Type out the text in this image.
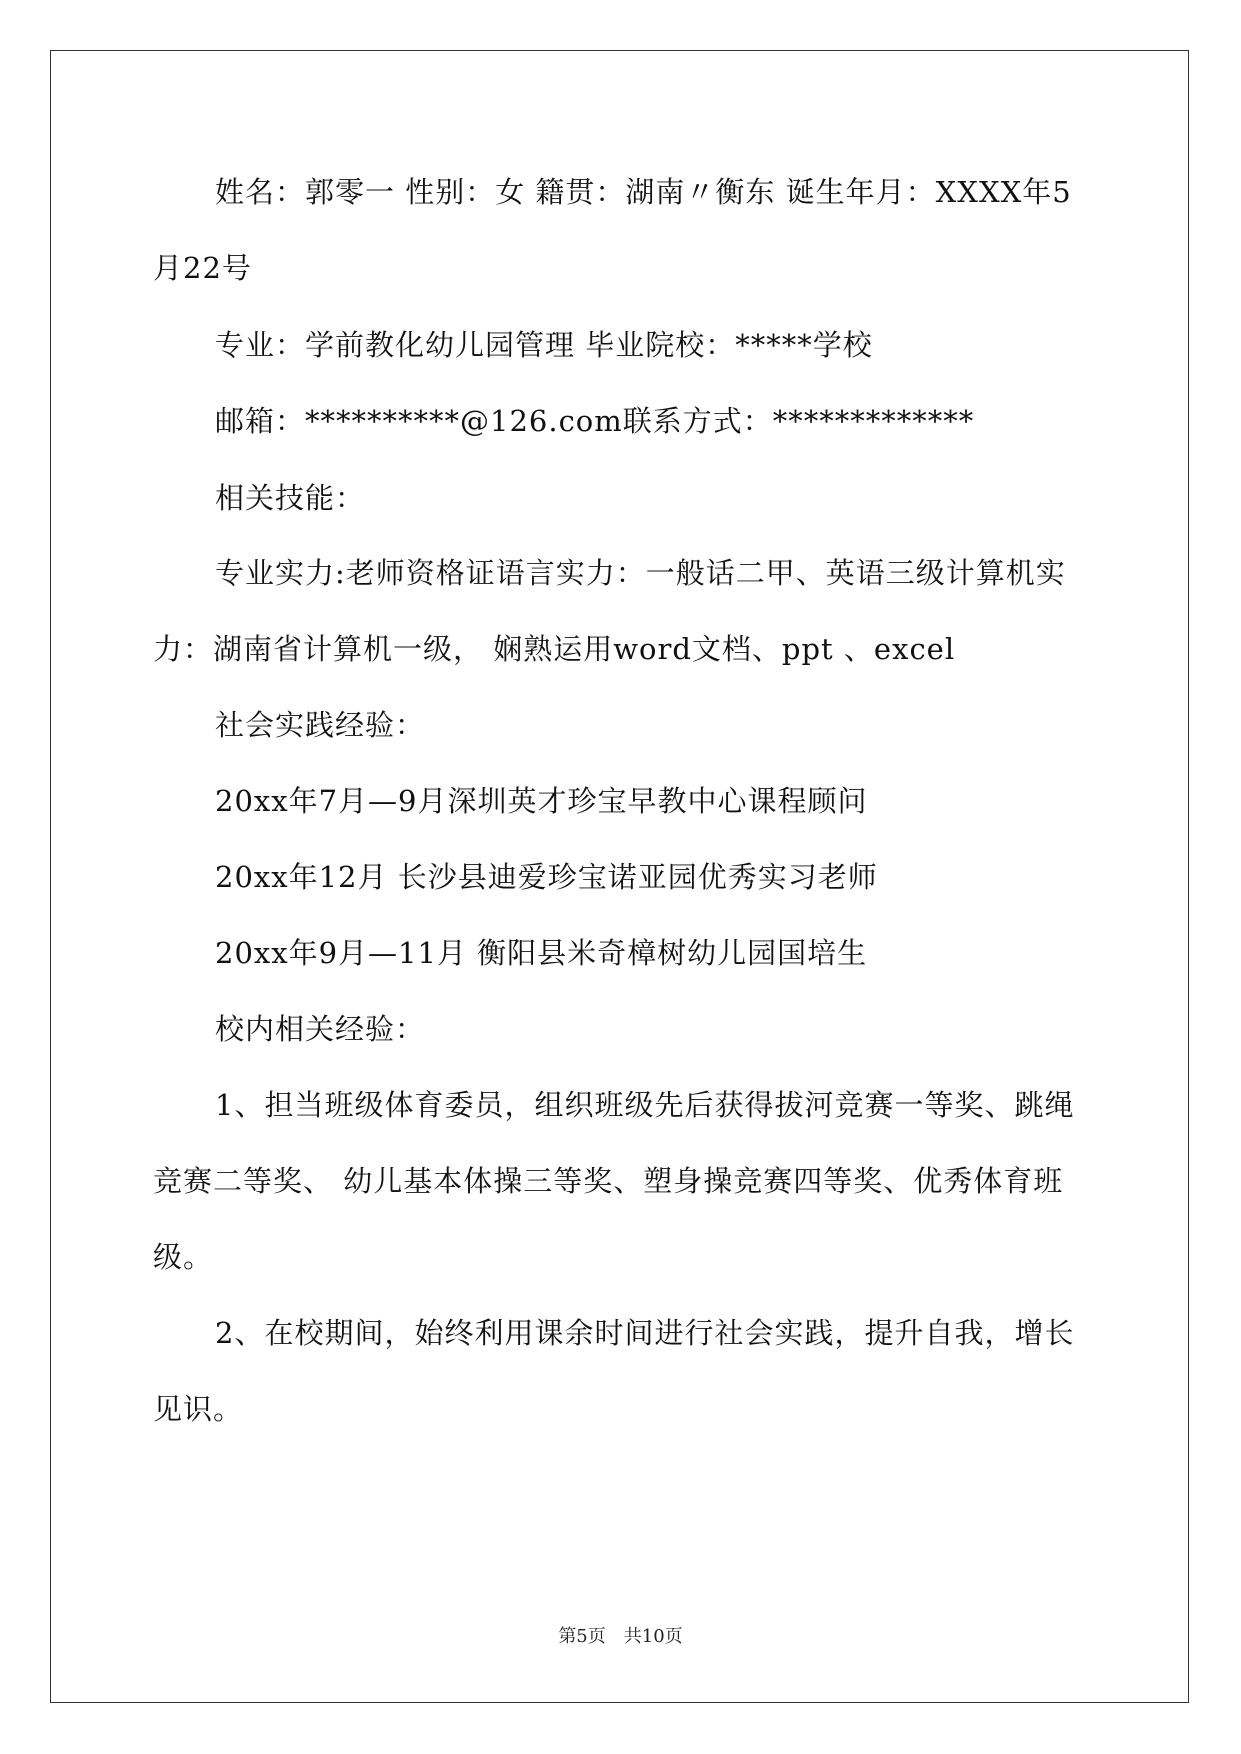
姓名：郭零一 性别：女 籍贯：湖南〃衡东 诞生年月：XXXX年5
月22号
专业：学前教化幼儿园管理 毕业院校：*****学校
邮箱：**********@126.com联系方式：*************
相关技能：
专业实力:老师资格证语言实力：一般话二甲、英语三级计算机实
力：湖南省计算机一级， 娴熟运用word文档、ppt 、excel
社会实践经验：
20xx年7月—9月深圳英才珍宝早教中心课程顾问
20xx年12月 长沙县迪爱珍宝诺亚园优秀实习老师
20xx年9月—11月 衡阳县米奇樟树幼儿园国培生
校内相关经验：
1、担当班级体育委员，组织班级先后获得拔河竞赛一等奖、跳绳
竞赛二等奖、 幼儿基本体操三等奖、塑身操竞赛四等奖、优秀体育班
级。
2、在校期间，始终利用课余时间进行社会实践，提升自我，增长
见识。
第5页 共10页
